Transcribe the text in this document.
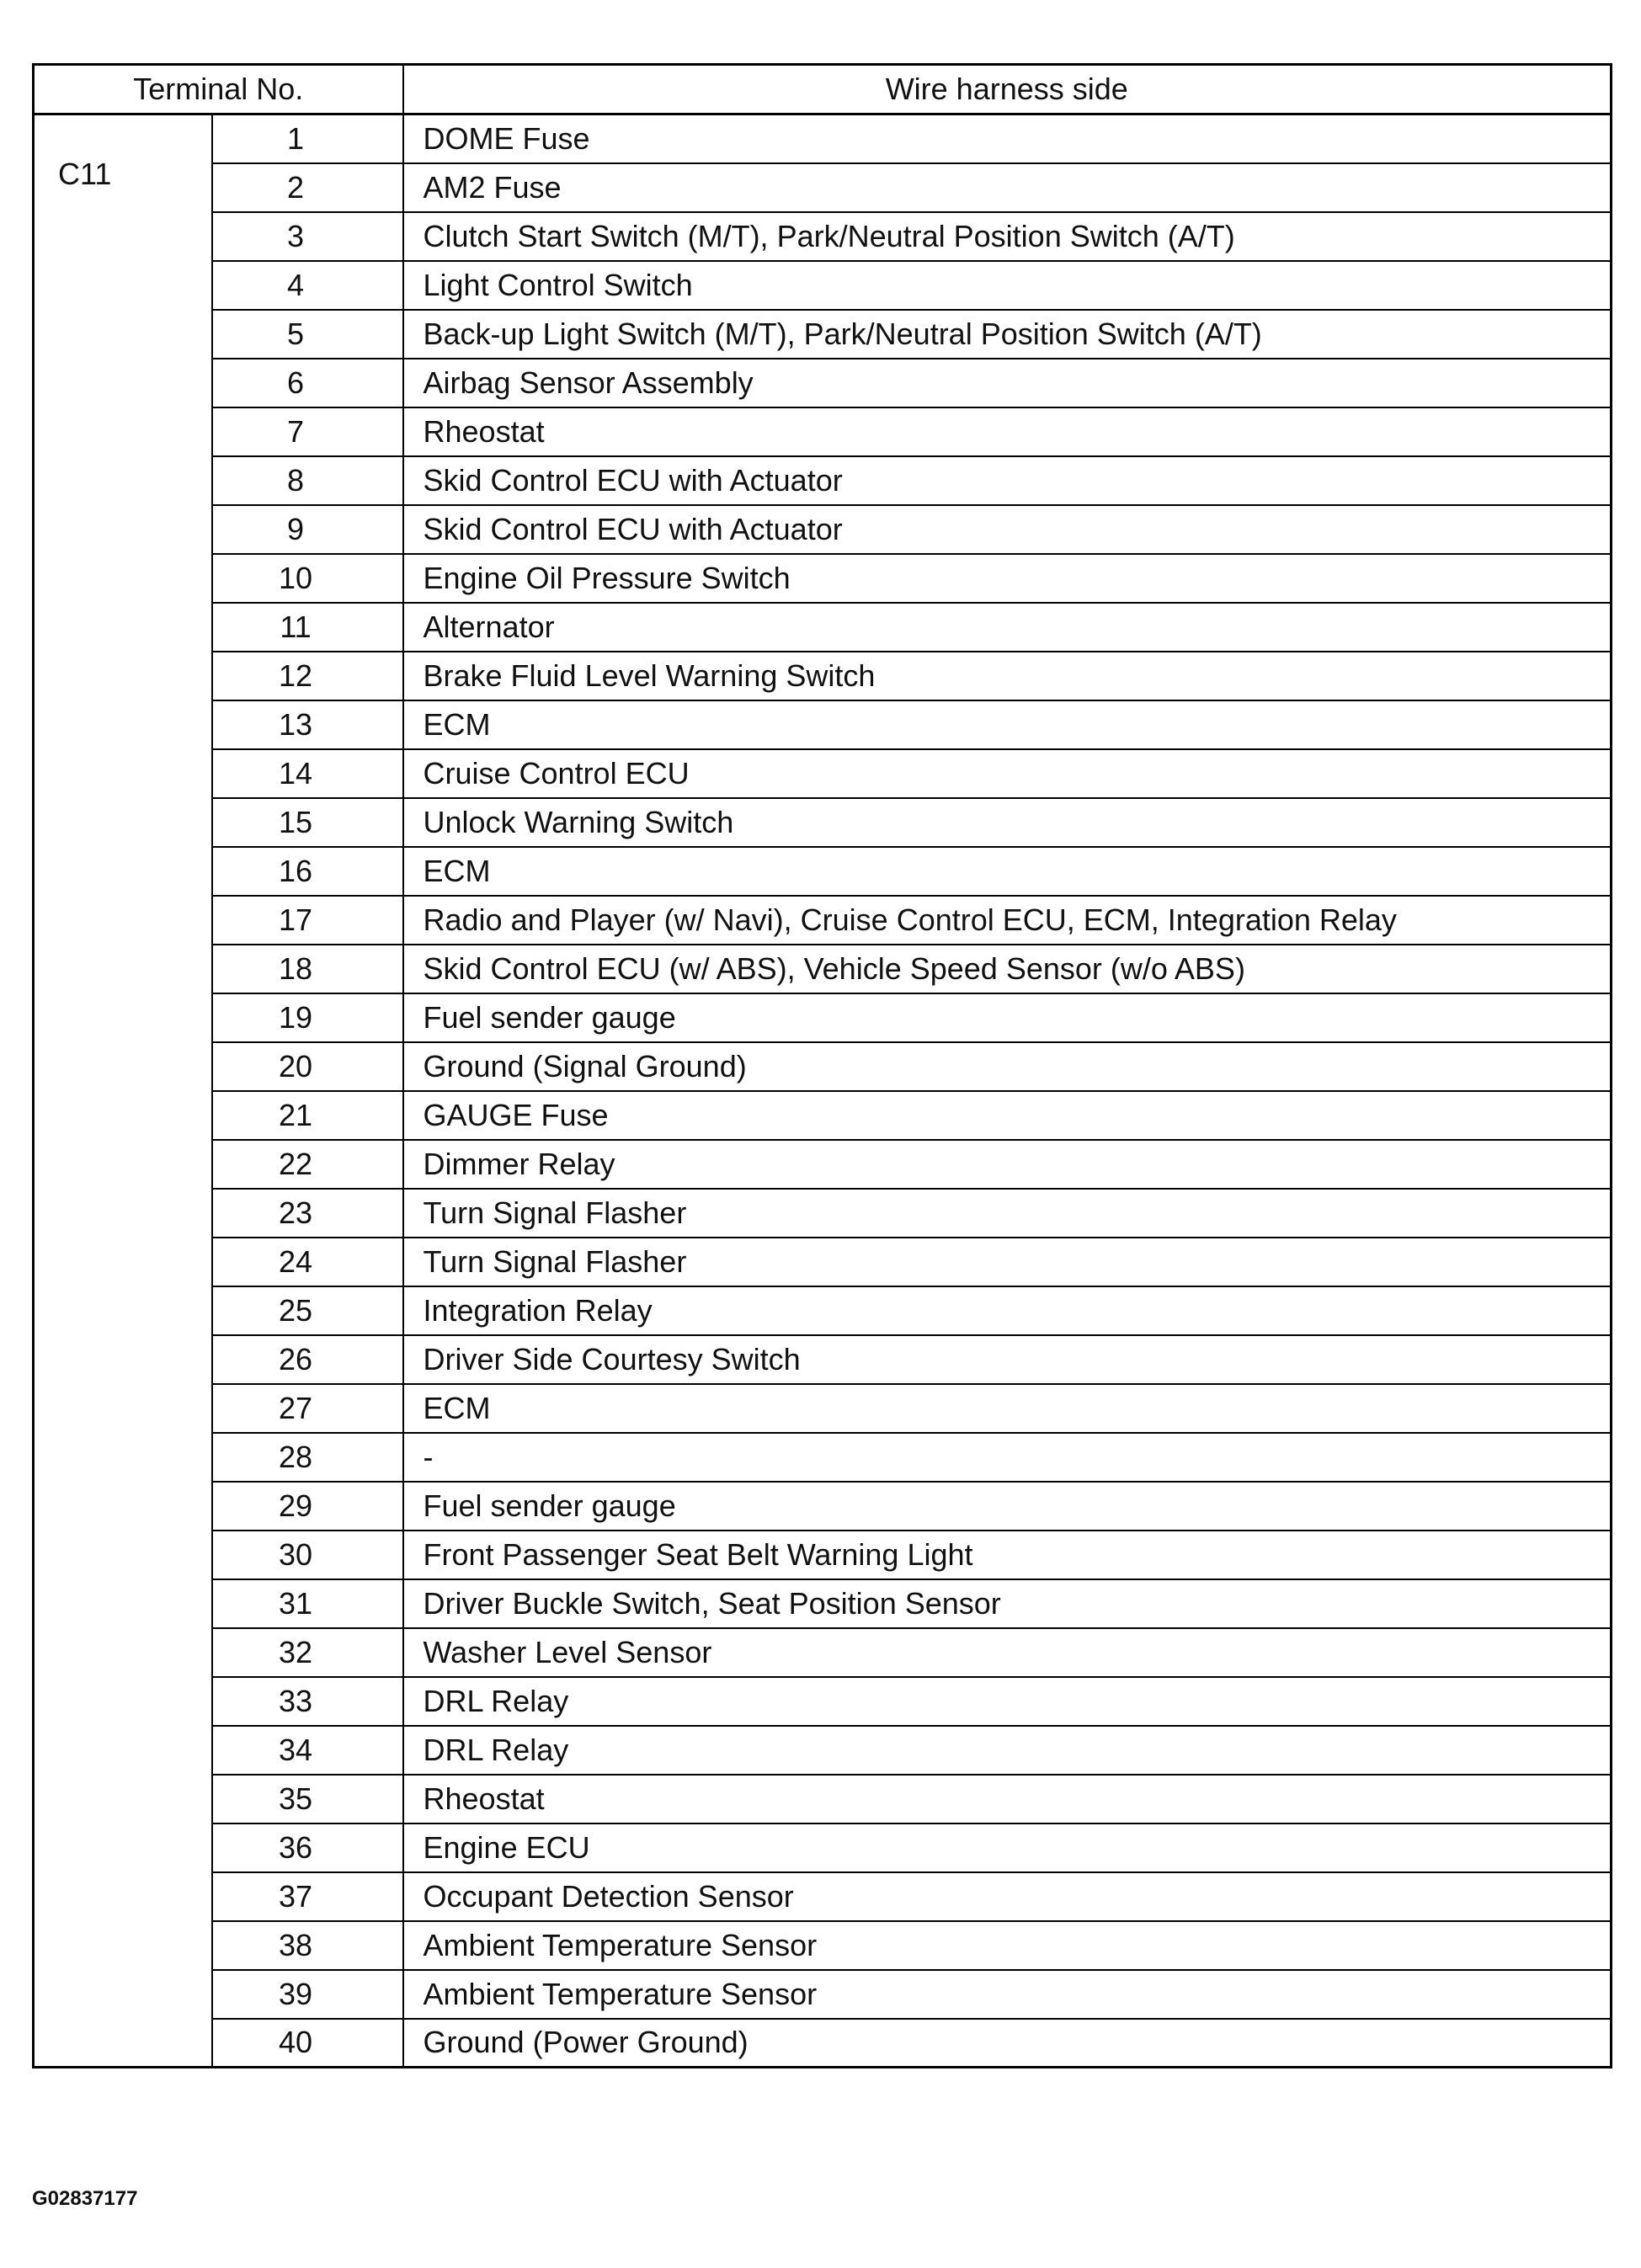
Terminal No.		Wire harness side
C11	1	DOME Fuse
	2	AM2 Fuse
	3	Clutch Start Switch (M/T), Park/Neutral Position Switch (A/T)
	4	Light Control Switch
	5	Back-up Light Switch (M/T), Park/Neutral Position Switch (A/T)
	6	Airbag Sensor Assembly
	7	Rheostat
	8	Skid Control ECU with Actuator
	9	Skid Control ECU with Actuator
	10	Engine Oil Pressure Switch
	11	Alternator
	12	Brake Fluid Level Warning Switch
	13	ECM
	14	Cruise Control ECU
	15	Unlock Warning Switch
	16	ECM
	17	Radio and Player (w/ Navi), Cruise Control ECU, ECM, Integration Relay
	18	Skid Control ECU (w/ ABS), Vehicle Speed Sensor (w/o ABS)
	19	Fuel sender gauge
	20	Ground (Signal Ground)
	21	GAUGE Fuse
	22	Dimmer Relay
	23	Turn Signal Flasher
	24	Turn Signal Flasher
	25	Integration Relay
	26	Driver Side Courtesy Switch
	27	ECM
	28	-
	29	Fuel sender gauge
	30	Front Passenger Seat Belt Warning Light
	31	Driver Buckle Switch, Seat Position Sensor
	32	Washer Level Sensor
	33	DRL Relay
	34	DRL Relay
	35	Rheostat
	36	Engine ECU
	37	Occupant Detection Sensor
	38	Ambient Temperature Sensor
	39	Ambient Temperature Sensor
	40	Ground (Power Ground)
G02837177
